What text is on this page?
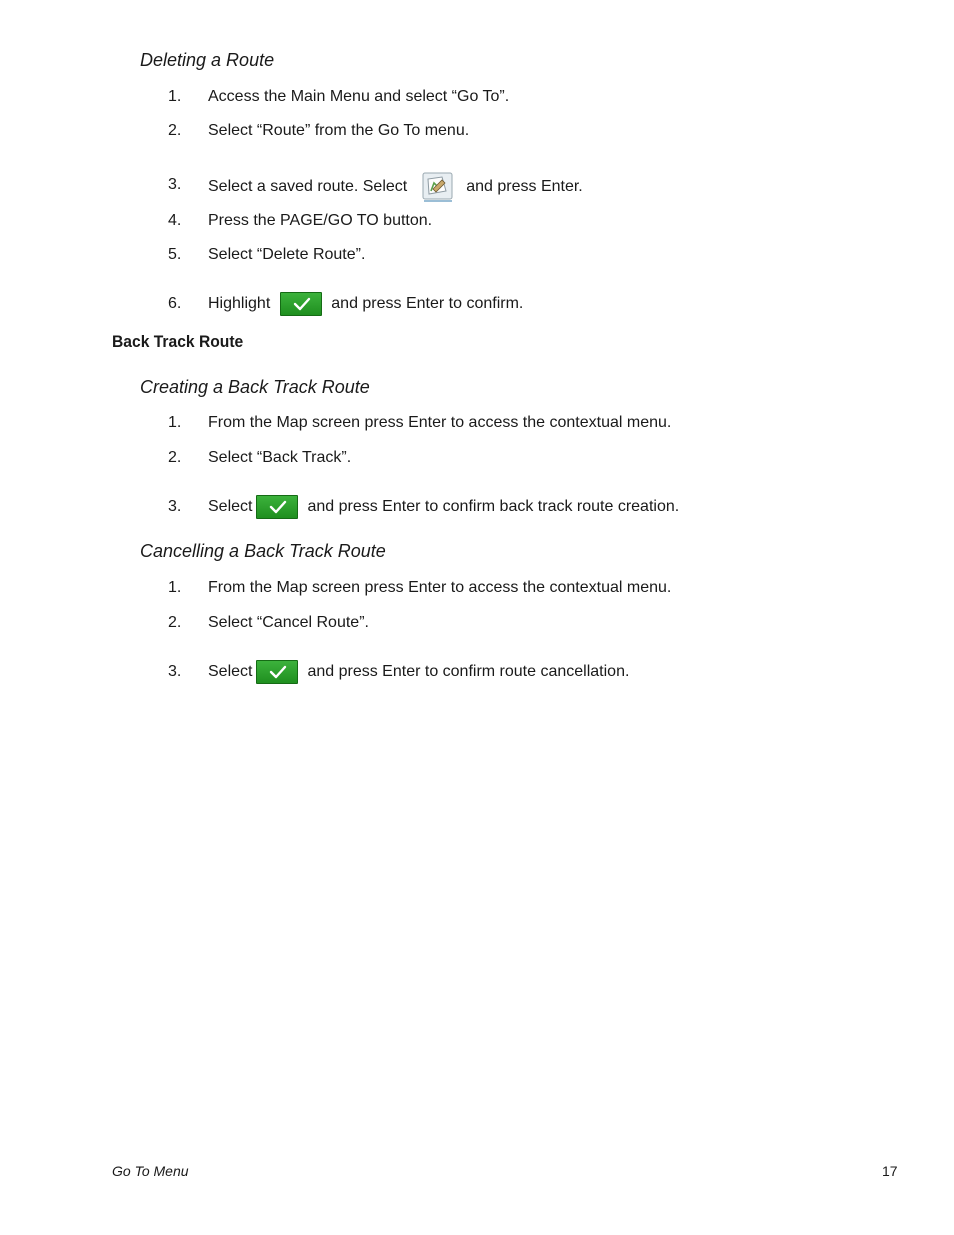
Deleting a Route
1. Access the Main Menu and select “Go To”.
2. Select “Route” from the Go To menu.
3. Select a saved route. Select	and press Enter.
4. Press the PAGE/GO TO button.
5. Select “Delete Route”.
6. Highlight	and press Enter to confirm.
Back Track Route
Creating a Back Track Route
1. From the Map screen press Enter to access the contextual menu.
2. Select “Back Track”.
3. Select	and press Enter to confirm back track route creation.
Cancelling a Back Track Route
1. From the Map screen press Enter to access the contextual menu.
2. Select “Cancel Route”.
3. Select	and press Enter to confirm route cancellation.
Go To Menu	17
